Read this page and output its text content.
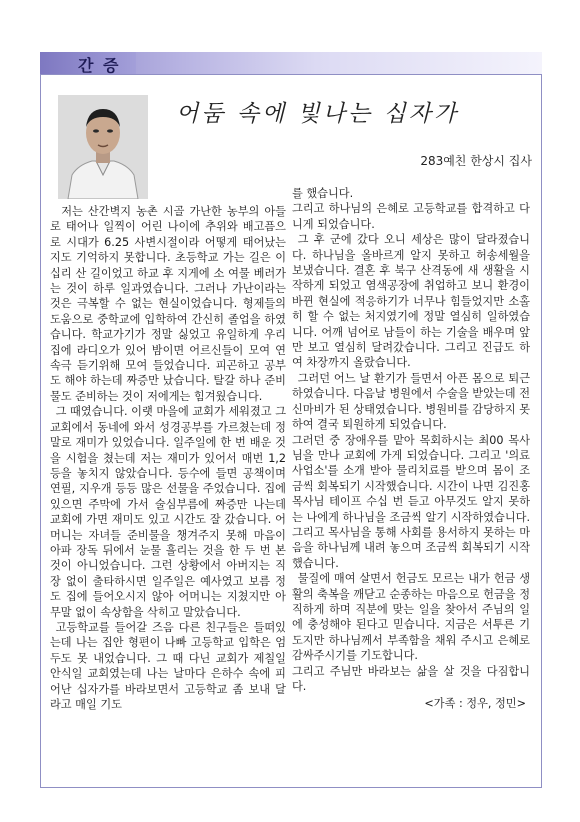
간 증
어둠 속에 빛나는 십자가
283예친 한상시 집사

저는 산간벽지 농촌 시골 가난한 농부의 아들로 태어나 일찍이 어린 나이에 추위와 배고픔으로 시대가 6.25 사변시절이라 어떻게 태어났는지도 기억하지 못합니다. 초등학교 가는 길은 이십리 산 길이었고 하교 후 지게에 소 여물 베러가는 것이 하루 일과였습니다. 그러나 가난이라는 것은 극복할 수 없는 현실이었습니다. 형제들의 도움으로 중학교에 입학하여 간신히 졸업을 하였습니다. 학교가기가 정말 싫었고 유일하게 우리 집에 라디오가 있어 밤이면 어르신들이 모여 연속극 듣기위해 모여 들었습니다. 피곤하고 공부도 해야 하는데 짜증만 났습니다. 탈갈 하나 준비물도 준비하는 것이 저에게는 힘겨웠습니다.

그 때였습니다. 이랫 마을에 교회가 세워졌고 그 교회에서 동네에 와서 성경공부를 가르쳤는데 정말로 재미가 있었습니다. 일주일에 한 번 배운 것을 시험을 쳤는데 저는 재미가 있어서 매번 1,2등을 놓치지 않았습니다. 등수에 들면 공책이며 연필, 지우개 등등 많은 선물을 주었습니다. 집에 있으면 주막에 가서 술심부름에 짜증만 나는데 교회에 가면 재미도 있고 시간도 잘 갔습니다. 어머니는 자녀들 준비물을 챙겨주지 못해 마음이 아파 장독 뒤에서 눈물 흘리는 것을 한 두 번 본 것이 아니었습니다. 그런 상황에서 아버지는 직장 없이 출타하시면 일주일은 예사였고 보름 정도 집에 들어오시지 않아 어머니는 지쳤지만 아무말 없이 속상함을 삭히고 말았습니다.

고등학교를 들어갈 즈음 다른 친구들은 들떠있는데 나는 집안 형편이 나빠 고등학교 입학은 엄두도 못 내었습니다. 그 때 다닌 교회가 제칠일 안식일 교회였는데 나는 날마다 은하수 속에 피어난 십자가를 바라보면서 고등학교 좀 보내 달라고 매일 기도

를 했습니다.

그리고 하나님의 은혜로 고등학교를 합격하고 다니게 되었습니다.

그 후 군에 갔다 오니 세상은 많이 달라졌습니다. 하나님을 올바르게 알지 못하고 허송세월을 보냈습니다. 결혼 후 북구 산격동에 새 생활을 시작하게 되었고 염색공장에 취업하고 보니 환경이 바뀐 현실에 적응하기가 너무나 힘들었지만 소홀히 할 수 없는 처지였기에 정말 열심히 일하였습니다. 어깨 넘어로 남들이 하는 기술을 배우며 앞만 보고 열심히 달려갔습니다. 그리고 진급도 하여 차장까지 올랐습니다.

그러던 어느 날 환기가 들면서 아픈 몸으로 퇴근하였습니다. 다음날 병원에서 수술을 받았는데 전신마비가 된 상태였습니다. 병원비를 감당하지 못하여 결국 퇴원하게 되었습니다.

그러던 중 장애우를 맡아 목회하시는 최00 목사님을 만나 교회에 가게 되었습니다. 그리고 '의료사업소'를 소개 받아 물리치료를 받으며 몸이 조금씩 회복되기 시작했습니다. 시간이 나면 김진홍 목사님 테이프 수십 번 듣고 아무것도 알지 못하는 나에게 하나님을 조금씩 알기 시작하였습니다. 그리고 목사님을 통해 사회를 용서하지 못하는 마음을 하나님께 내려 놓으며 조금씩 회복되기 시작했습니다.

물질에 매여 살면서 헌금도 모르는 내가 헌금 생활의 축복을 깨닫고 순종하는 마음으로 헌금을 정직하게 하며 직분에 맞는 일을 찾아서 주님의 일에 충성해야 된다고 믿습니다. 지금은 서투른 기도지만 하나님께서 부족함을 채워 주시고 은혜로 감싸주시기를 기도합니다.

그리고 주님만 바라보는 삶을 살 것을 다짐합니다.

<가족 : 정우, 정민>
